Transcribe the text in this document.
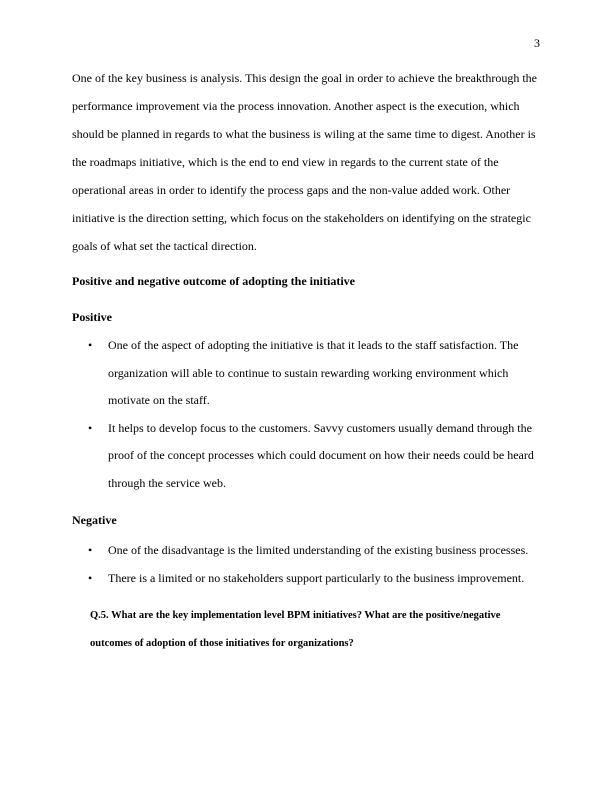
3

One of the key business is analysis. This design the goal in order to achieve the breakthrough the performance improvement via the process innovation. Another aspect is the execution, which should be planned in regards to what the business is wiling at the same time to digest. Another is the roadmaps initiative, which is the end to end view in regards to the current state of the operational areas in order to identify the process gaps and the non-value added work. Other initiative is the direction setting, which focus on the stakeholders on identifying on the strategic goals of what set the tactical direction.

Positive and negative outcome of adopting the initiative

Positive

• One of the aspect of adopting the initiative is that it leads to the staff satisfaction. The organization will able to continue to sustain rewarding working environment which motivate on the staff.
• It helps to develop focus to the customers. Savvy customers usually demand through the proof of the concept processes which could document on how their needs could be heard through the service web.

Negative

• One of the disadvantage is the limited understanding of the existing business processes.
• There is a limited or no stakeholders support particularly to the business improvement.

Q.5. What are the key implementation level BPM initiatives? What are the positive/negative outcomes of adoption of those initiatives for organizations?
